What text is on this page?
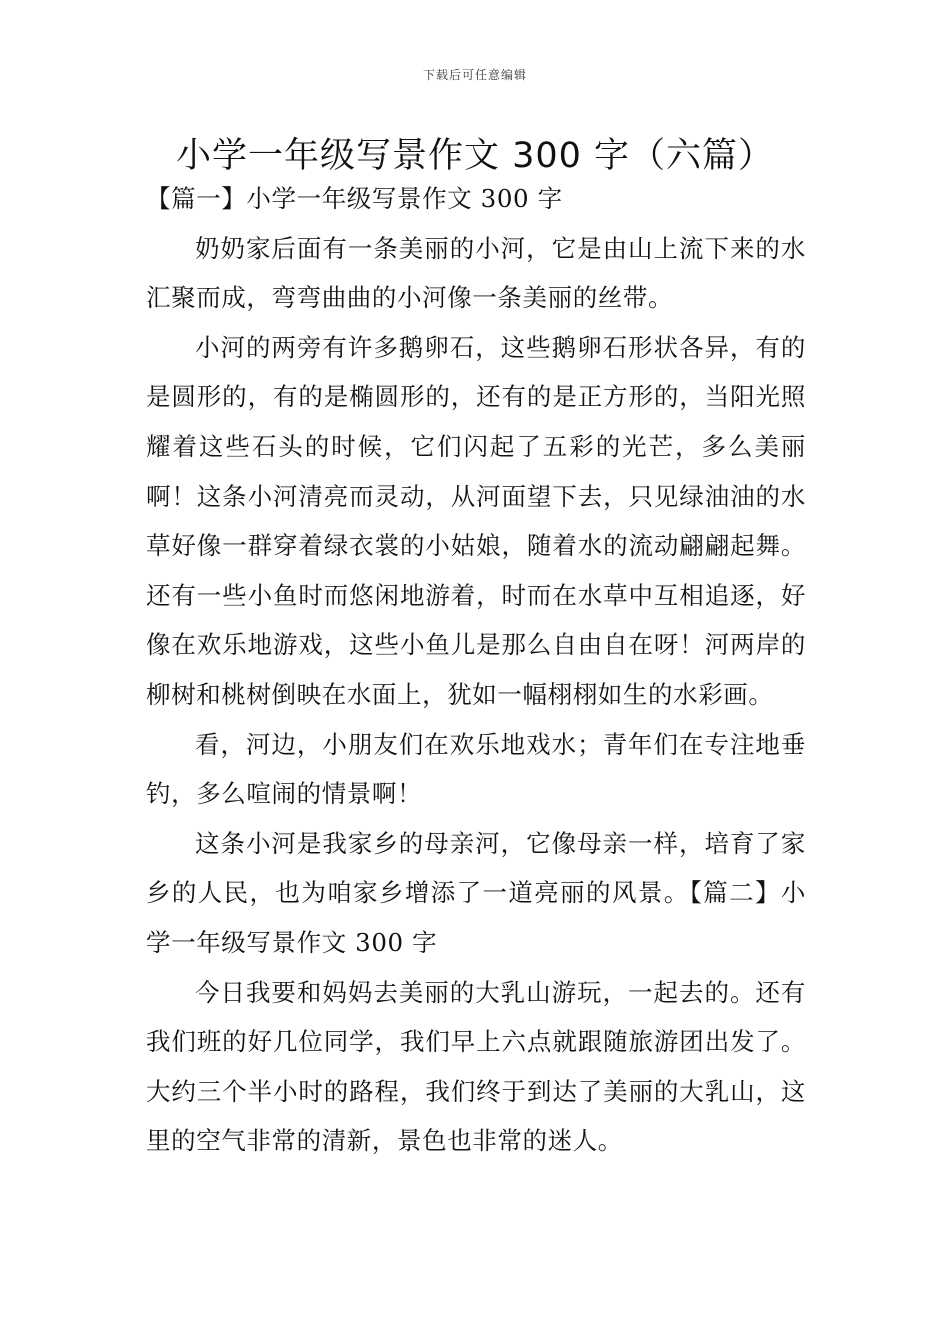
下载后可任意编辑
小学一年级写景作文 300 字（六篇）

【篇一】小学一年级写景作文 300 字

奶奶家后面有一条美丽的小河，它是由山上流下来的水汇聚而成，弯弯曲曲的小河像一条美丽的丝带。

小河的两旁有许多鹅卵石，这些鹅卵石形状各异，有的是圆形的，有的是椭圆形的，还有的是正方形的，当阳光照耀着这些石头的时候，它们闪起了五彩的光芒，多么美丽啊！这条小河清亮而灵动，从河面望下去，只见绿油油的水草好像一群穿着绿衣裳的小姑娘，随着水的流动翩翩起舞。还有一些小鱼时而悠闲地游着，时而在水草中互相追逐，好像在欢乐地游戏，这些小鱼儿是那么自由自在呀！河两岸的柳树和桃树倒映在水面上，犹如一幅栩栩如生的水彩画。

看，河边，小朋友们在欢乐地戏水；青年们在专注地垂钓，多么喧闹的情景啊！

这条小河是我家乡的母亲河，它像母亲一样，培育了家乡的人民，也为咱家乡增添了一道亮丽的风景。【篇二】小学一年级写景作文 300 字

今日我要和妈妈去美丽的大乳山游玩，一起去的。还有我们班的好几位同学，我们早上六点就跟随旅游团出发了。大约三个半小时的路程，我们终于到达了美丽的大乳山，这里的空气非常的清新，景色也非常的迷人。
